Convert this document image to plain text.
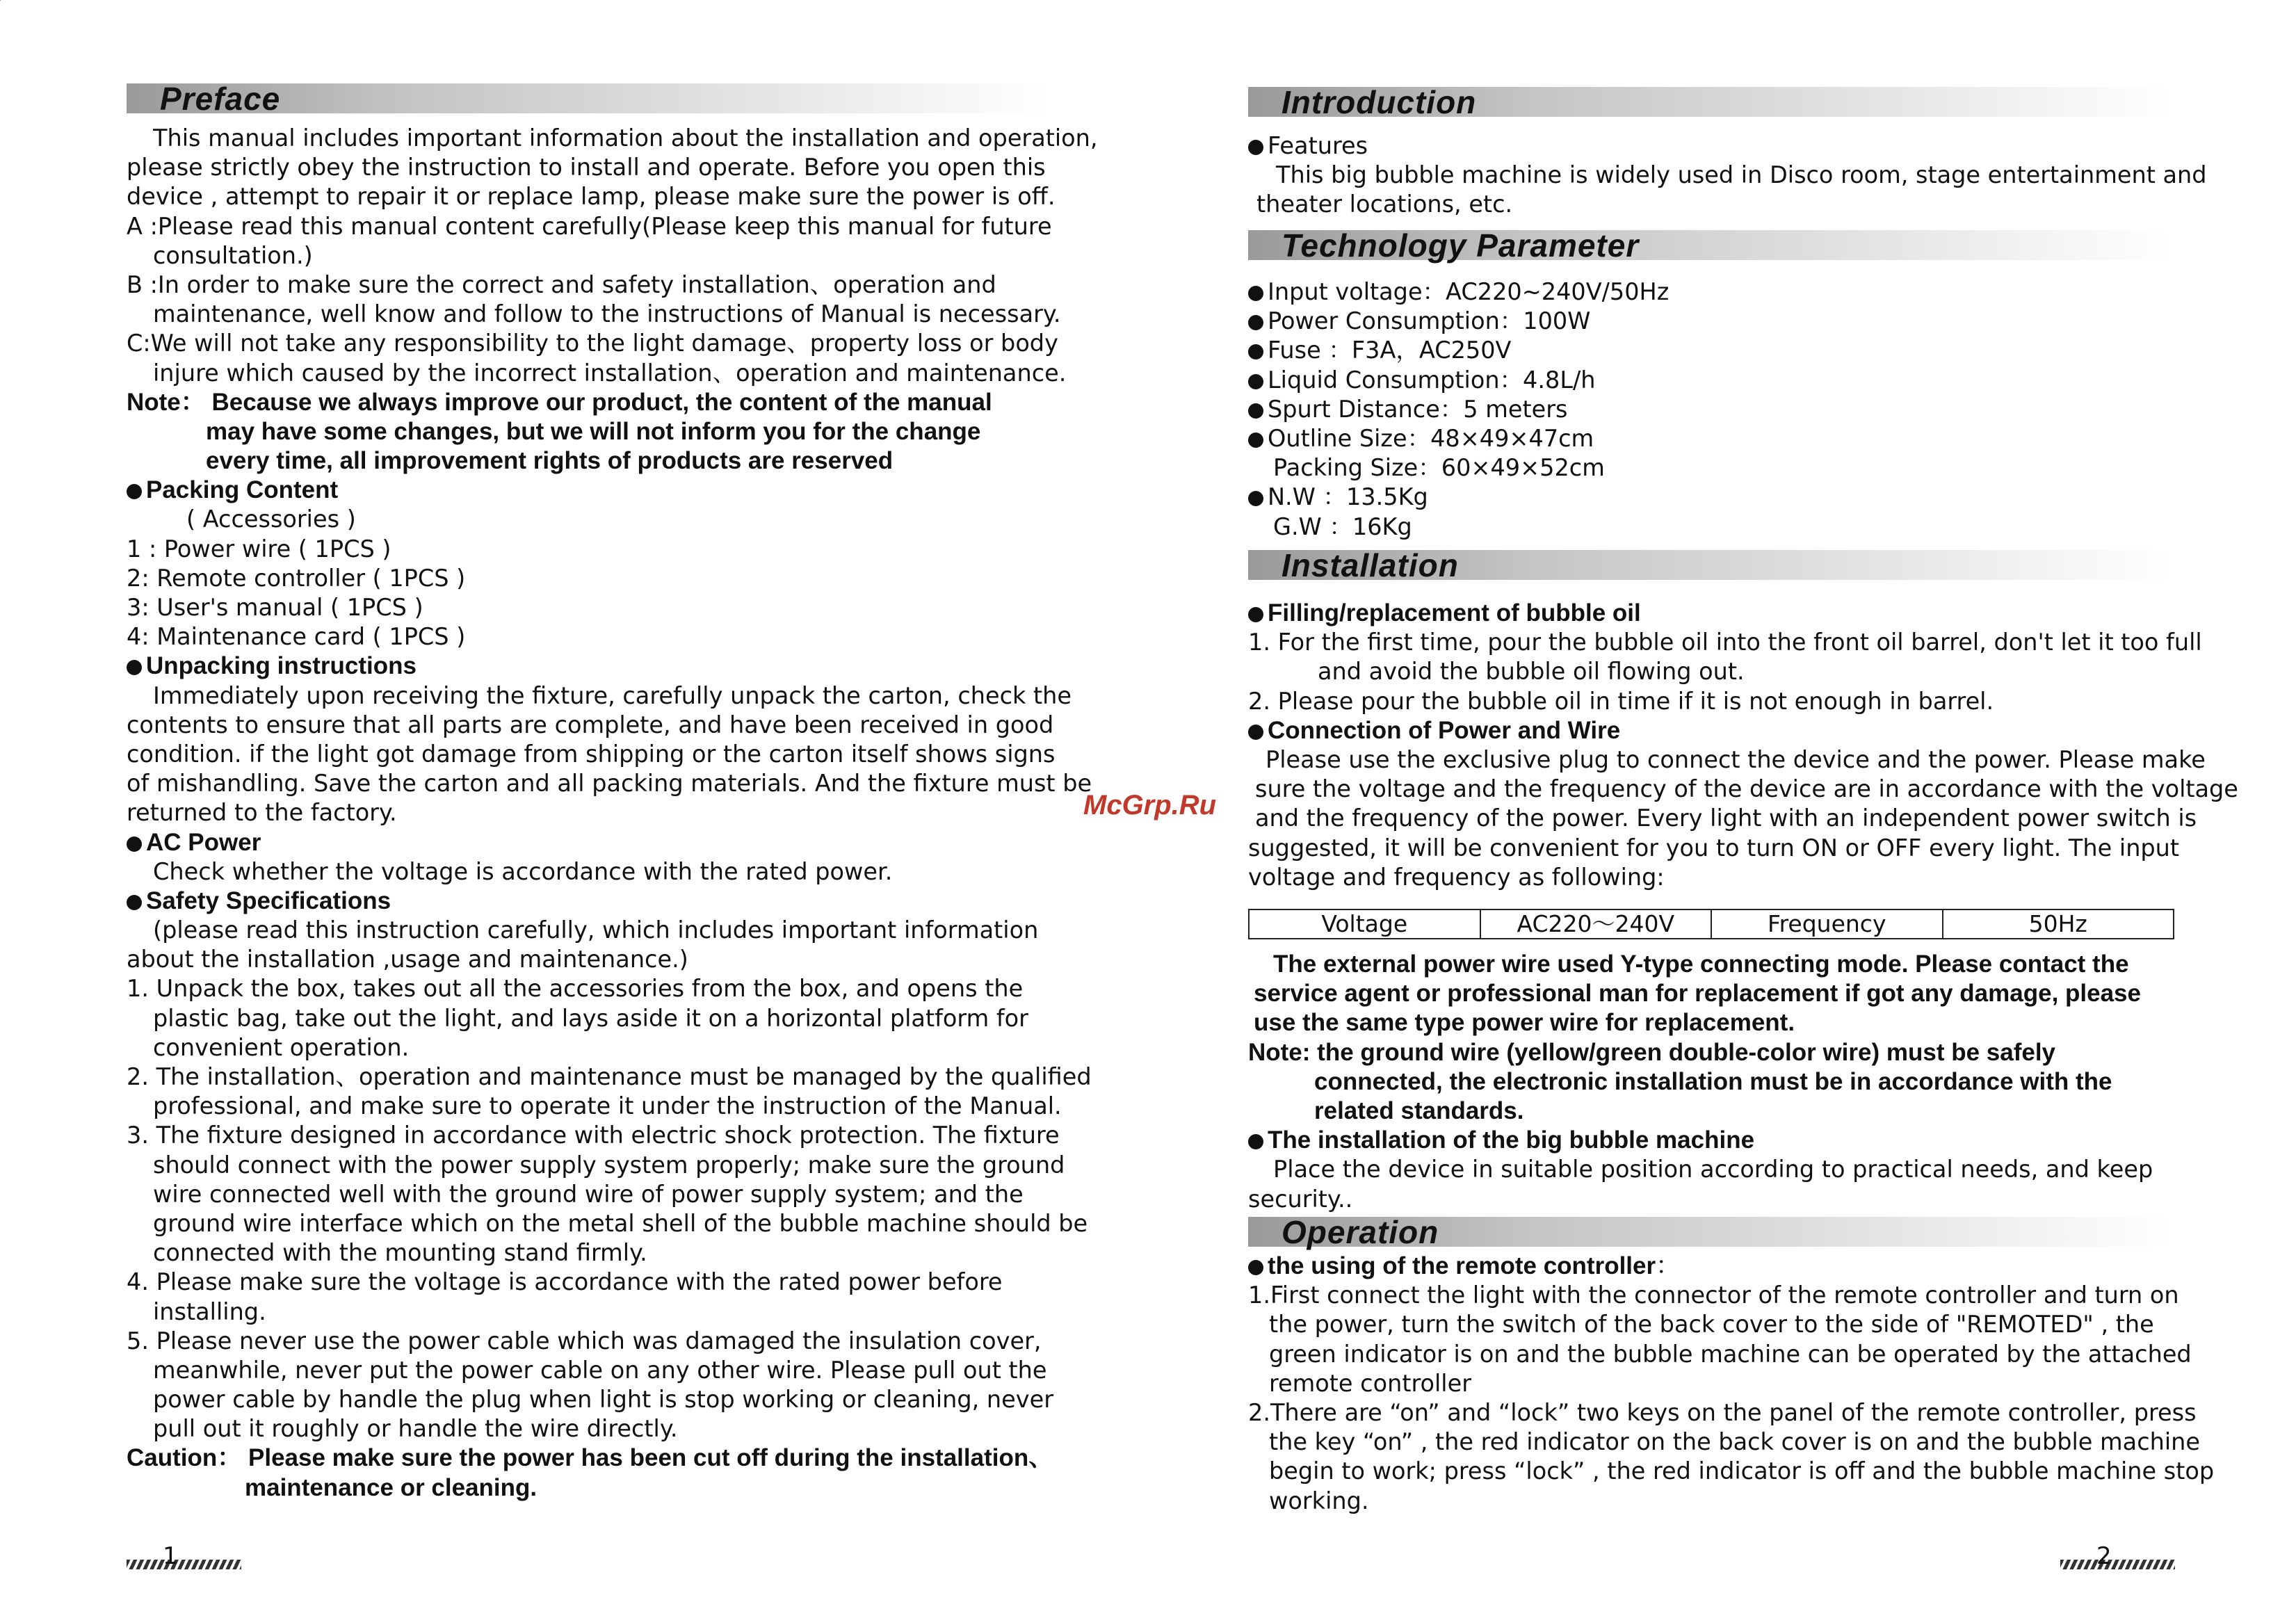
Preface
This manual includes important information about the installation and operation,
please strictly obey the instruction to install and operate. Before you open this
device , attempt to repair it or replace lamp, please make sure the power is off.
A :Please read this manual content carefully(Please keep this manual for future
consultation.)
B :In order to make sure the correct and safety installation、operation and
maintenance, well know and follow to the instructions of Manual is necessary.
C:We will not take any responsibility to the light damage、property loss or body
injure which caused by the incorrect installation、operation and maintenance.
Note： Because we always improve our product, the content of the manual
may have some changes, but we will not inform you for the change
every time, all improvement rights of products are reserved
Packing Content
( Accessories )
1 : Power wire ( 1PCS )
2: Remote controller ( 1PCS )
3: User's manual ( 1PCS )
4: Maintenance card ( 1PCS )
Unpacking instructions
Immediately upon receiving the fixture, carefully unpack the carton, check the
contents to ensure that all parts are complete, and have been received in good
condition. if the light got damage from shipping or the carton itself shows signs
of mishandling. Save the carton and all packing materials. And the fixture must be
returned to the factory.
AC Power
Check whether the voltage is accordance with the rated power.
Safety Specifications
(please read this instruction carefully, which includes important information
about the installation ,usage and maintenance.)
1. Unpack the box, takes out all the accessories from the box, and opens the
plastic bag, take out the light, and lays aside it on a horizontal platform for
convenient operation.
2. The installation、operation and maintenance must be managed by the qualified
professional, and make sure to operate it under the instruction of the Manual.
3. The fixture designed in accordance with electric shock protection. The fixture
should connect with the power supply system properly; make sure the ground
wire connected well with the ground wire of power supply system; and the
ground wire interface which on the metal shell of the bubble machine should be
connected with the mounting stand firmly.
4. Please make sure the voltage is accordance with the rated power before
installing.
5. Please never use the power cable which was damaged the insulation cover,
meanwhile, never put the power cable on any other wire. Please pull out the
power cable by handle the plug when light is stop working or cleaning, never
pull out it roughly or handle the wire directly.
Caution： Please make sure the power has been cut off during the installation、
maintenance or cleaning.
1
McGrp.Ru
Introduction
Features
This big bubble machine is widely used in Disco room, stage entertainment and
theater locations, etc.
Technology Parameter
Input voltage：AC220~240V/50Hz
Power Consumption：100W
Fuse ：F3A，AC250V
Liquid Consumption：4.8L/h
Spurt Distance：5 meters
Outline Size：48×49×47cm
Packing Size：60×49×52cm
N.W ：13.5Kg
G.W ：16Kg
Installation
Filling/replacement of bubble oil
1. For the first time, pour the bubble oil into the front oil barrel, don't let it too full
and avoid the bubble oil flowing out.
2. Please pour the bubble oil in time if it is not enough in barrel.
Connection of Power and Wire
Please use the exclusive plug to connect the device and the power. Please make
sure the voltage and the frequency of the device are in accordance with the voltage
and the frequency of the power. Every light with an independent power switch is
suggested, it will be convenient for you to turn ON or OFF every light. The input
voltage and frequency as following:
Voltage	AC220～240V	Frequency	50Hz
The external power wire used Y-type connecting mode. Please contact the
service agent or professional man for replacement if got any damage, please
use the same type power wire for replacement.
Note: the ground wire (yellow/green double-color wire) must be safely
connected, the electronic installation must be in accordance with the
related standards.
The installation of the big bubble machine
Place the device in suitable position according to practical needs, and keep
security..
Operation
the using of the remote controller：
1.First connect the light with the connector of the remote controller and turn on
the power, turn the switch of the back cover to the side of "REMOTED" , the
green indicator is on and the bubble machine can be operated by the attached
remote controller
2.There are “on” and “lock” two keys on the panel of the remote controller, press
the key “on” , the red indicator on the back cover is on and the bubble machine
begin to work; press “lock” , the red indicator is off and the bubble machine stop
working.
2
